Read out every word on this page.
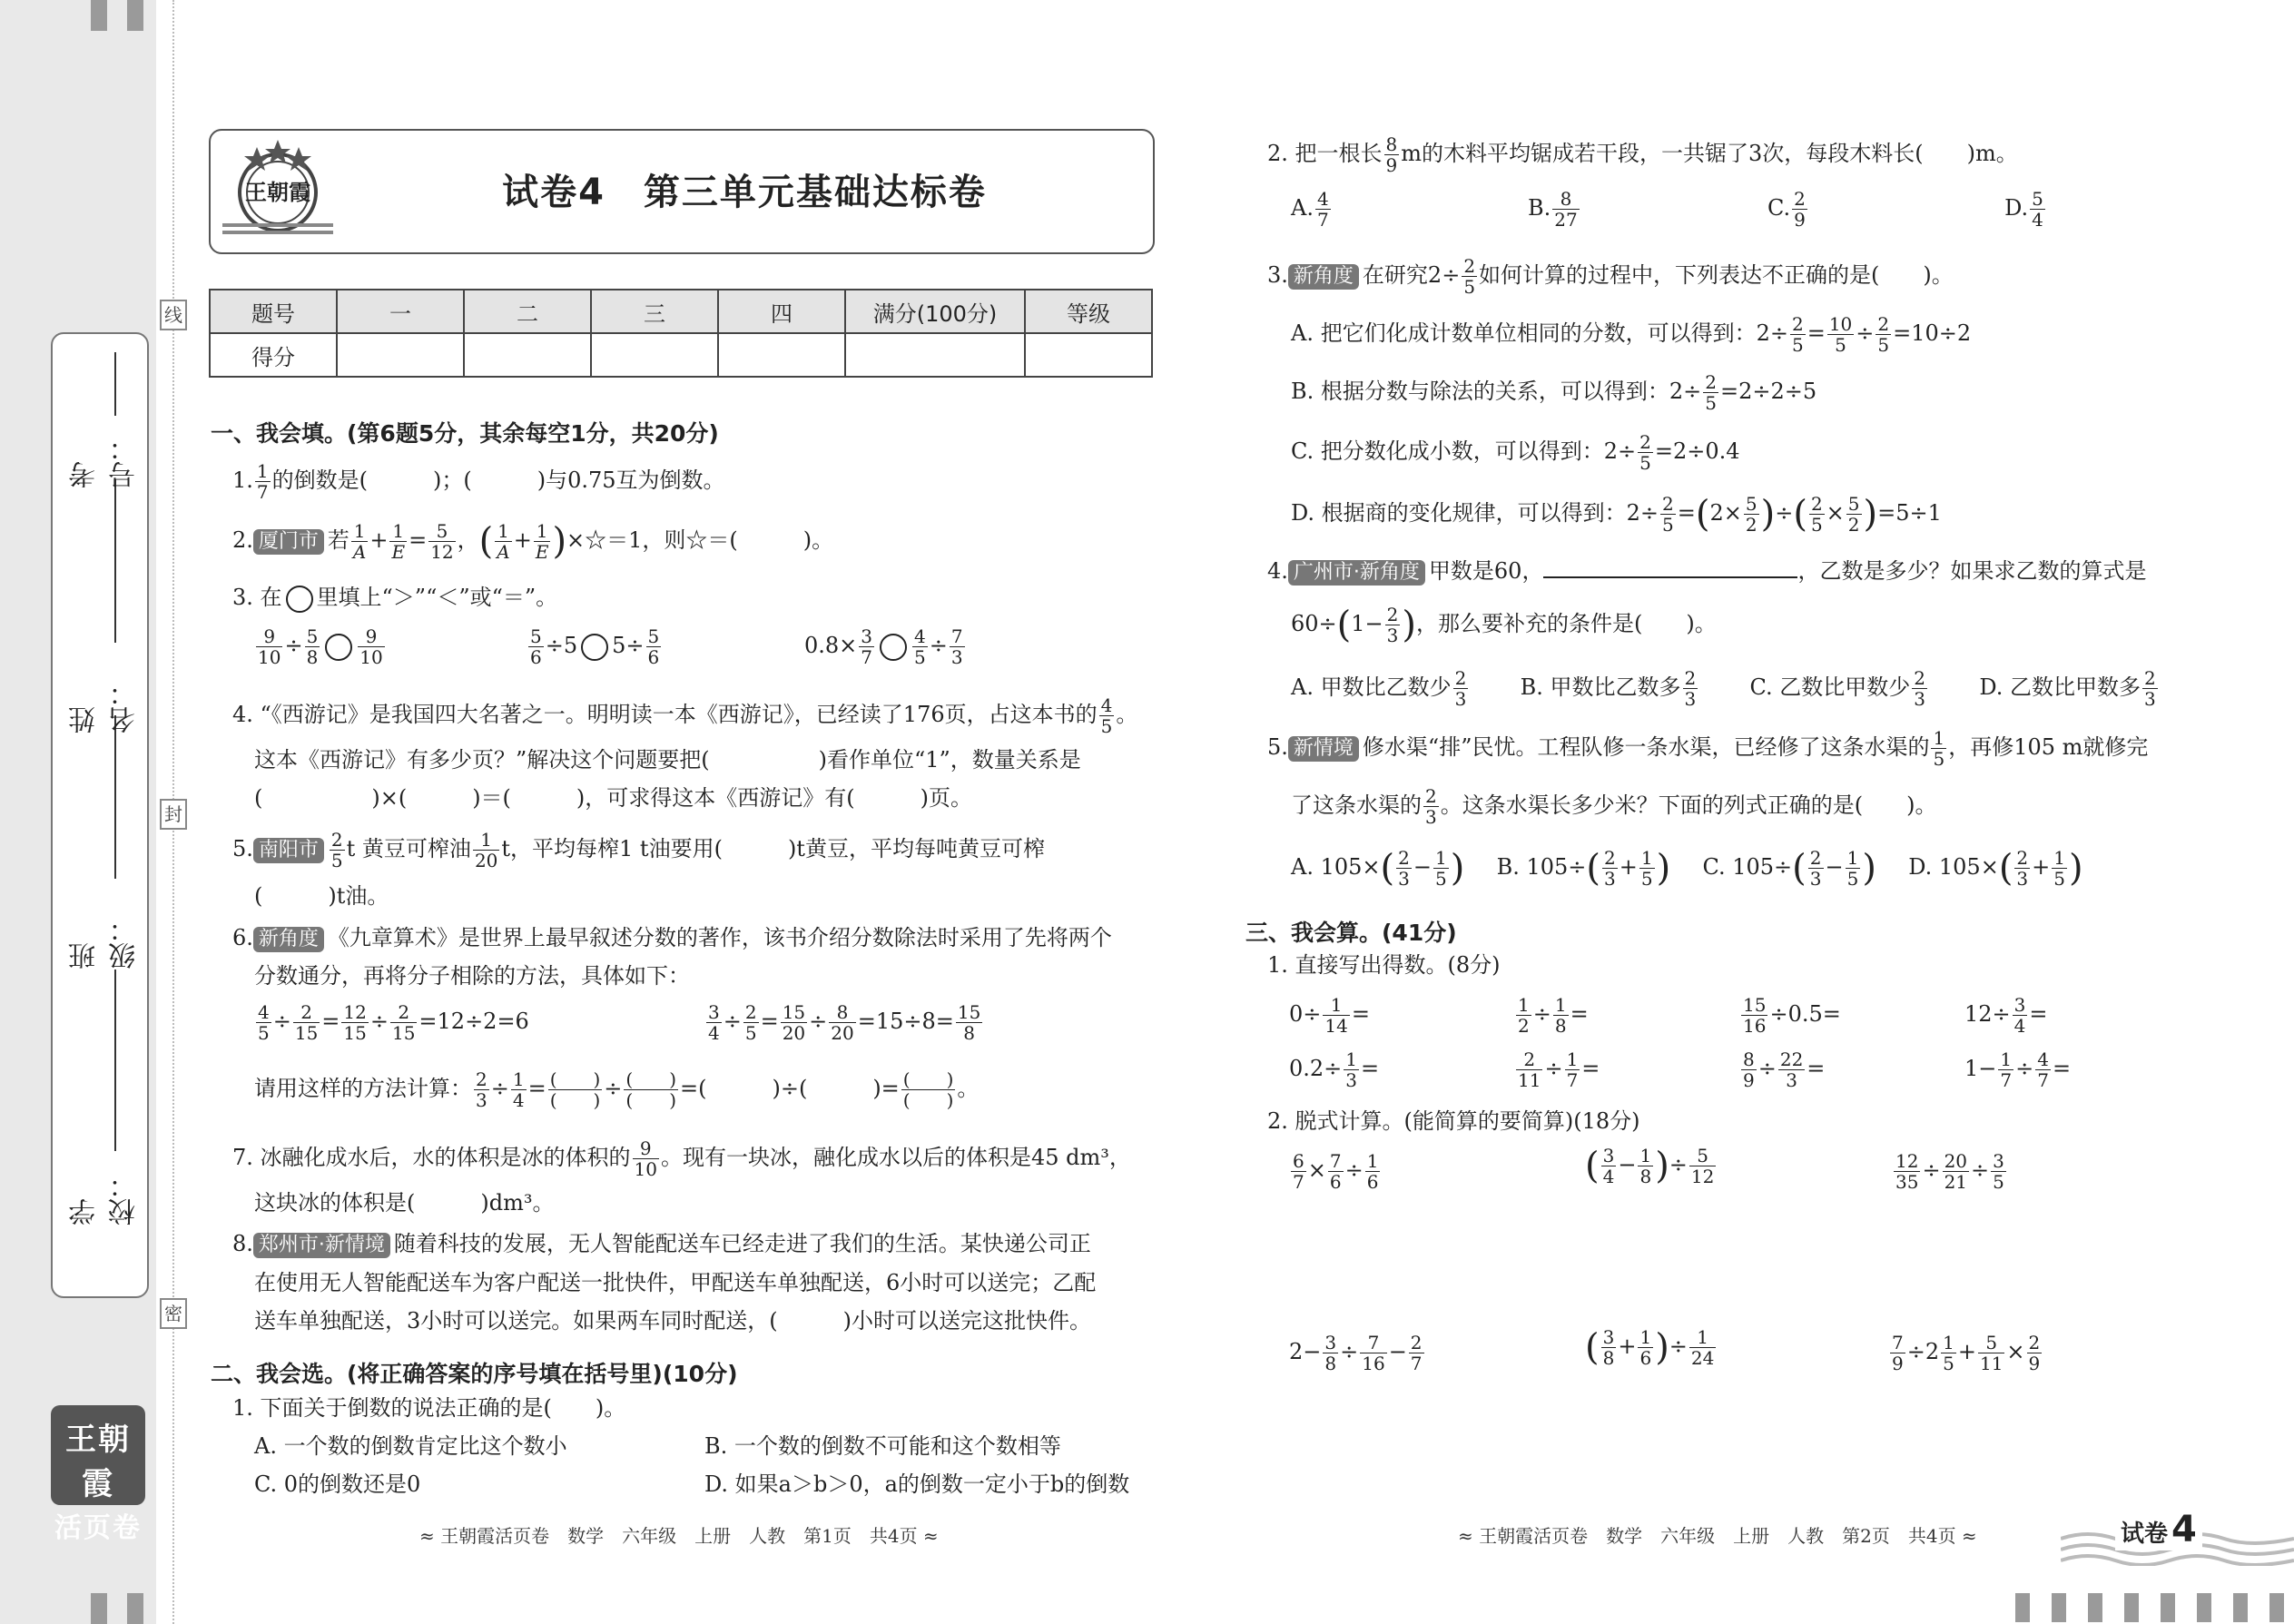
线
封
密
学校：
班级：
姓名：
考号：
王朝霞
活页卷
王朝霞	试卷4　第三单元基础达标卷
题号	一	二	三	四	满分(100分)	等级
得分						
一、我会填。(第6题5分，其余每空1分，共20分)
1. $\frac{1}{7}$ 的倒数是(　　　)；(　　　)与0.75互为倒数。
2. 厦门市 若 $\frac{1}{A} + \frac{1}{E} = \frac{5}{12}$ ，( $\frac{1}{A} + \frac{1}{E}$ )×☆＝1，则☆＝(　　　)。
3. 在 里填上“＞”“＜”或“＝”。
$\frac{9}{10} \div \frac{5}{8} \frac{9}{10}$	$\frac{5}{6} \div 5$ $5\div \frac{5}{6}$	$0.8\times \frac{3}{7} \frac{4}{5} \div \frac{7}{3}$
4. “《西游记》是我国四大名著之一。明明读一本《西游记》，已经读了176页，占这本书的 $\frac{4}{5}$ 。
这本《西游记》有多少页？”解决这个问题要把(　　　　　)看作单位“1”，数量关系是
(　　　　　)×(　　　)＝(　　　)，可求得这本《西游记》有(　　　)页。
5. 南阳市 $\frac{2}{5}$ t 黄豆可榨油 $\frac{1}{20}$ t，平均每榨1 t油要用(　　　)t黄豆，平均每吨黄豆可榨
(　　　)t油。
6. 新角度 《九章算术》是世界上最早叙述分数的著作，该书介绍分数除法时采用了先将两个
分数通分，再将分子相除的方法，具体如下：
$\frac{4}{5} \div \frac{2}{15} = \frac{12}{15} \div \frac{2}{15} =12\div 2=6$	$\frac{3}{4} \div \frac{2}{5} = \frac{15}{20} \div \frac{8}{20} =15\div 8= \frac{15}{8}$
请用这样的方法计算： $\frac{2}{3} \div \frac{1}{4}$ = (　　)
(　　) ÷ (　　)
(　　) =(　　　)÷(　　　)= (　　)
(　　) 。
7. 冰融化成水后，水的体积是冰的体积的 $\frac{9}{10}$ 。现有一块冰，融化成水以后的体积是45 dm³，
这块冰的体积是(　　　)dm³。
8. 郑州市·新情境 随着科技的发展，无人智能配送车已经走进了我们的生活。某快递公司正
在使用无人智能配送车为客户配送一批快件，甲配送车单独配送，6小时可以送完；乙配
送车单独配送，3小时可以送完。如果两车同时配送，(　　　)小时可以送完这批快件。
二、我会选。(将正确答案的序号填在括号里)(10分)
1. 下面关于倒数的说法正确的是(　　)。
A. 一个数的倒数肯定比这个数小	B. 一个数的倒数不可能和这个数相等
C. 0的倒数还是0	D. 如果a＞b＞0，a的倒数一定小于b的倒数
≈ 王朝霞活页卷　数学　六年级　上册　人教　第1页　共4页 ≈
2. 把一根长 $\frac{8}{9}$ m的木料平均锯成若干段，一共锯了3次，每段木料长(　　)m。
A. $\frac{4}{7}$	B. $\frac{8}{27}$	C. $\frac{2}{9}$	D. $\frac{5}{4}$
3. 新角度 在研究$2\div \frac{2}{5}$ 如何计算的过程中，下列表达不正确的是(　　)。
A. 把它们化成计数单位相同的分数，可以得到：$2\div \frac{2}{5} = \frac{10}{5} \div \frac{2}{5} =10\div 2$
B. 根据分数与除法的关系，可以得到：$2\div \frac{2}{5} =2\div 2\div 5$
C. 把分数化成小数，可以得到：$2\div \frac{2}{5} =2\div 0.4$
D. 根据商的变化规律，可以得到：$2\div \frac{2}{5} =(2\times \frac{5}{2}$ )÷( $\frac{2}{5} \times \frac{5}{2} )=5\div 1$
4. 广州市·新角度 甲数是60，	，乙数是多少？如果求乙数的算式是
$60\div(1- \frac{2}{3}$ )，那么要补充的条件是(　　)。
A. 甲数比乙数少 $\frac{2}{3} B$. 甲数比乙数多 $\frac{2}{3} C$. 乙数比甲数少 $\frac{2}{3} D$. 乙数比甲数多 $\frac{2}{3}$
5. 新情境 修水渠“排”民忧。工程队修一条水渠，已经修了这条水渠的 $\frac{1}{5}$ ，再修105 m就修完
了这条水渠的 $\frac{2}{3}$ 。这条水渠长多少米？下面的列式正确的是(　　)。
A. $105\times( \frac{2}{3} - \frac{1}{5}$ ) B. $105\div( \frac{2}{3} + \frac{1}{5}$ ) C. $105\div( \frac{2}{3} - \frac{1}{5}$ ) D. $105\times( \frac{2}{3} + \frac{1}{5}$ )
三、我会算。(41分)
1. 直接写出得数。(8分)
$0\div \frac{1}{14}$ =	$\frac{1}{2} \div \frac{1}{8}$ =	$\frac{15}{16} \div 0.5=$	$12\div \frac{3}{4}$ =
$0.2\div \frac{1}{3}$ =	$\frac{2}{11} \div \frac{1}{7}$ =	$\frac{8}{9} \div \frac{22}{3}$ =	$1- \frac{1}{7} \div \frac{4}{7}$ =
2. 脱式计算。(能简算的要简算)(18分)
$\frac{6}{7} \times \frac{7}{6} \div \frac{1}{6}$	( $\frac{3}{4} - \frac{1}{8}$ )÷ $\frac{5}{12}$	$\frac{12}{35} \div \frac{20}{21} \div \frac{3}{5}$
$2- \frac{3}{8} \div \frac{7}{16} - \frac{2}{7}$	( $\frac{3}{8} + \frac{1}{6}$ )÷ $\frac{1}{24}$	$\frac{7}{9} \div 2 \frac{1}{5} + \frac{5}{11} \times \frac{2}{9}$
≈ 王朝霞活页卷　数学　六年级　上册　人教　第2页　共4页 ≈	试卷 4
